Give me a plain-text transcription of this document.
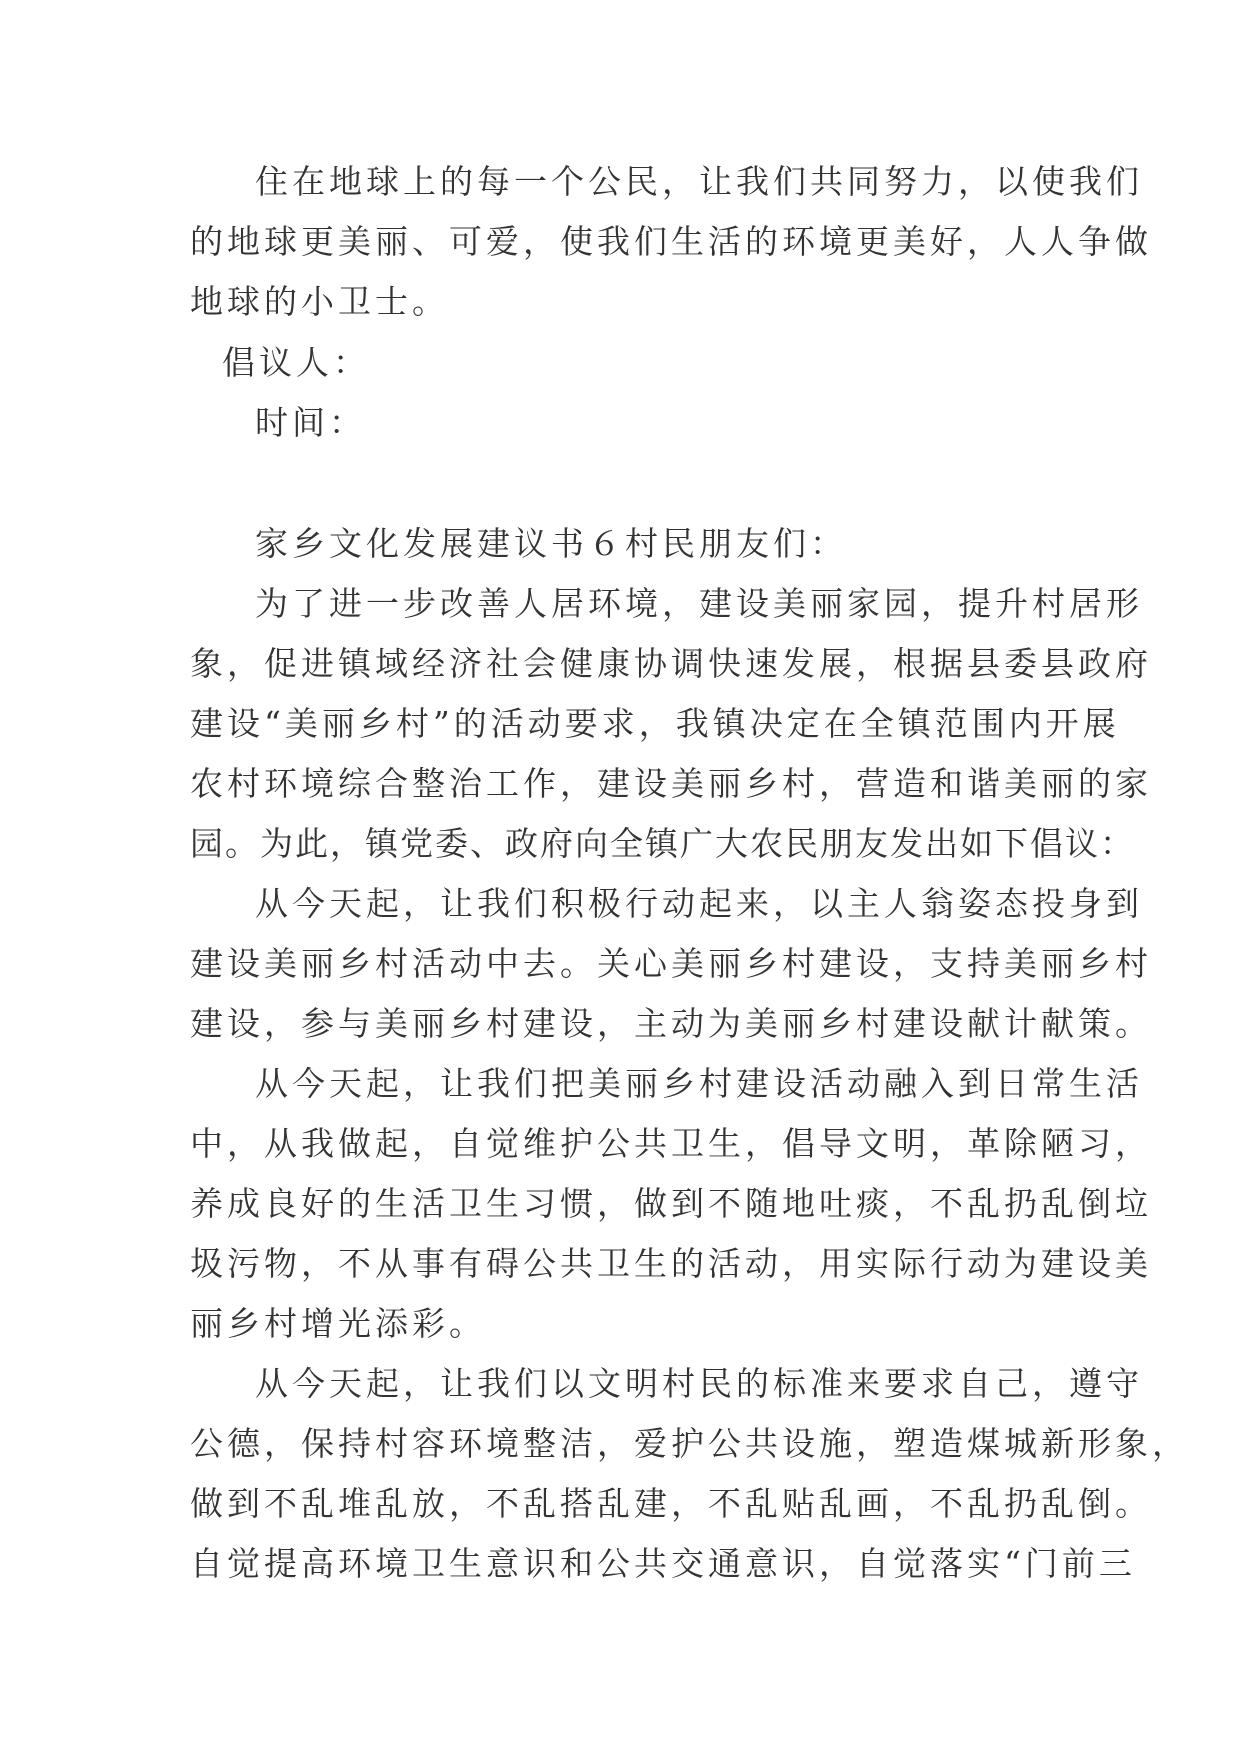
住在地球上的每一个公民，让我们共同努力，以使我们
的地球更美丽、可爱，使我们生活的环境更美好，人人争做
地球的小卫士。
倡议人：
时间：
家乡文化发展建议书６村民朋友们：
为了进一步改善人居环境，建设美丽家园，提升村居形
象，促进镇域经济社会健康协调快速发展，根据县委县政府
建设“美丽乡村”的活动要求，我镇决定在全镇范围内开展
农村环境综合整治工作，建设美丽乡村，营造和谐美丽的家
园。为此，镇党委、政府向全镇广大农民朋友发出如下倡议：
从今天起，让我们积极行动起来，以主人翁姿态投身到
建设美丽乡村活动中去。关心美丽乡村建设，支持美丽乡村
建设，参与美丽乡村建设，主动为美丽乡村建设献计献策。
从今天起，让我们把美丽乡村建设活动融入到日常生活
中，从我做起，自觉维护公共卫生，倡导文明，革除陋习，
养成良好的生活卫生习惯，做到不随地吐痰，不乱扔乱倒垃
圾污物，不从事有碍公共卫生的活动，用实际行动为建设美
丽乡村增光添彩。
从今天起，让我们以文明村民的标准来要求自己，遵守
公德，保持村容环境整洁，爱护公共设施，塑造煤城新形象，
做到不乱堆乱放，不乱搭乱建，不乱贴乱画，不乱扔乱倒。
自觉提高环境卫生意识和公共交通意识，自觉落实“门前三
